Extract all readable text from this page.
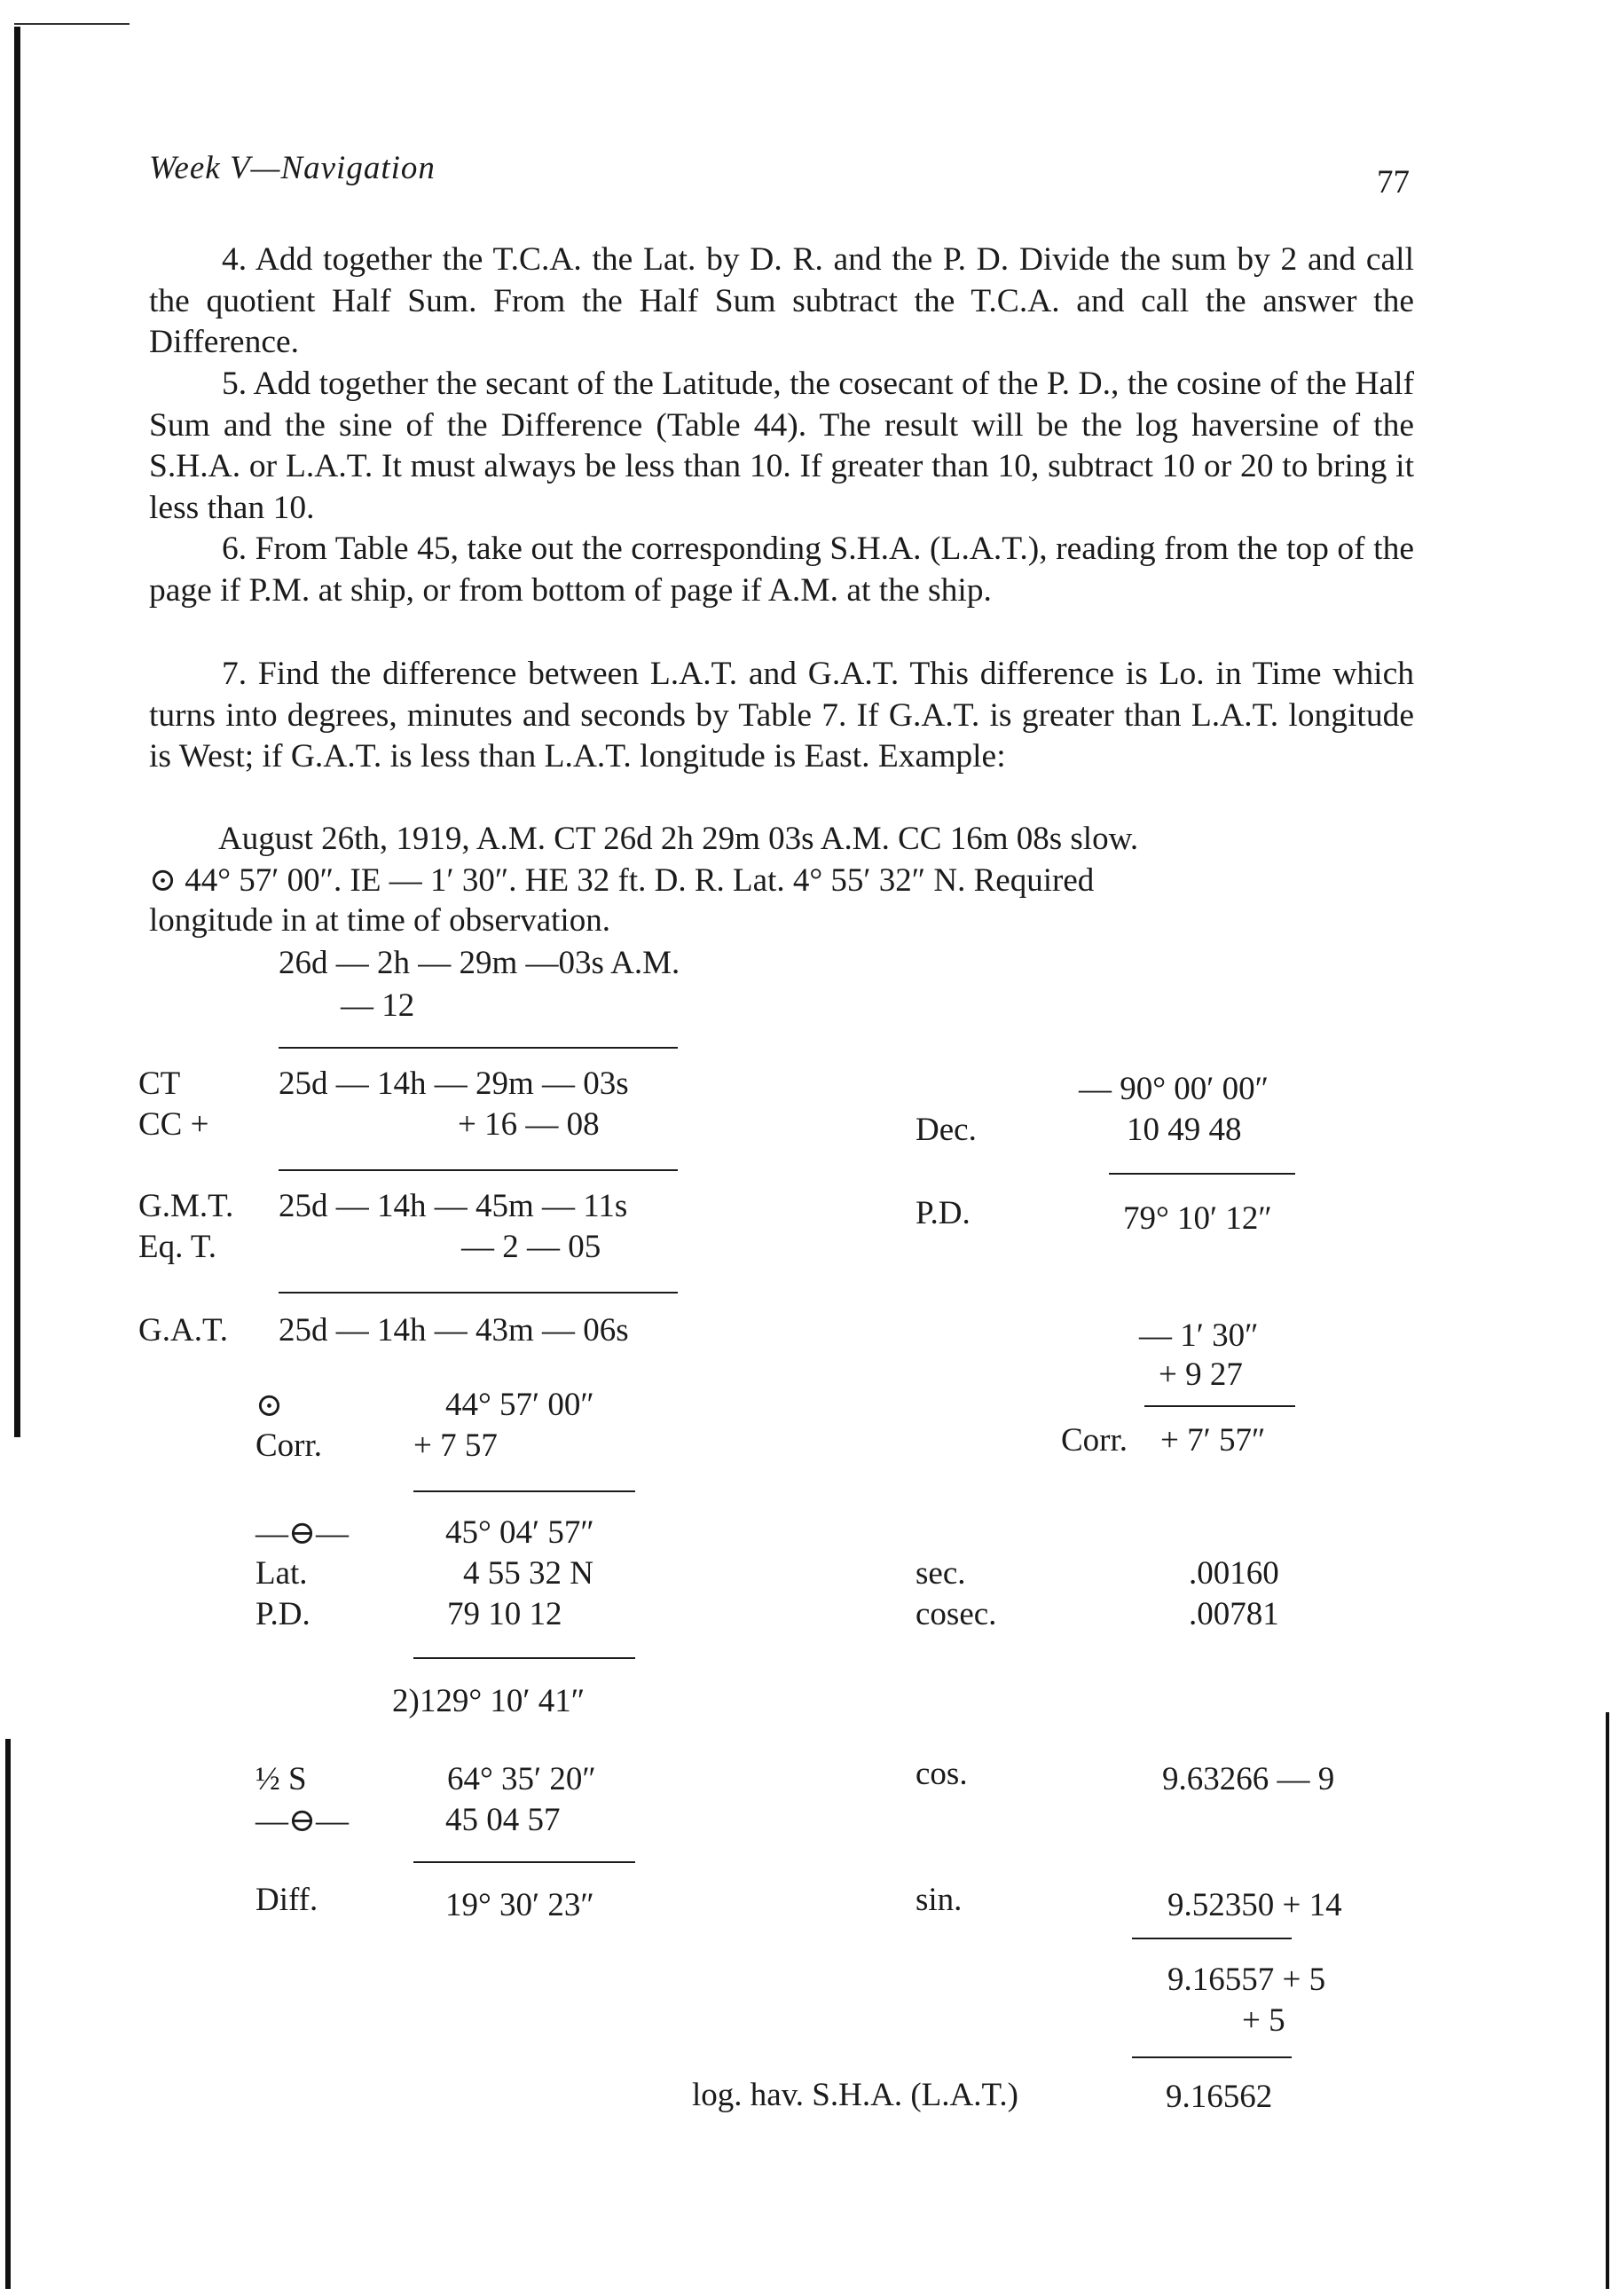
Week V—Navigation	77
4. Add together the T.C.A. the Lat. by D. R. and the P. D. Divide the sum by 2 and call the quotient Half Sum. From the Half Sum subtract the T.C.A. and call the answer the Difference.
5. Add together the secant of the Latitude, the cosecant of the P. D., the cosine of the Half Sum and the sine of the Difference (Table 44). The result will be the log haversine of the S.H.A. or L.A.T. It must always be less than 10. If greater than 10, subtract 10 or 20 to bring it less than 10.
6. From Table 45, take out the corresponding S.H.A. (L.A.T.), reading from the top of the page if P.M. at ship, or from bottom of page if A.M. at the ship.
7. Find the difference between L.A.T. and G.A.T. This difference is Lo. in Time which turns into degrees, minutes and seconds by Table 7. If G.A.T. is greater than L.A.T. longitude is West; if G.A.T. is less than L.A.T. longitude is East. Example:
August 26th, 1919, A.M. CT 26d 2h 29m 03s A.M. CC 16m 08s slow.
⊙ 44° 57′ 00″. IE — 1′ 30″. HE 32 ft. D. R. Lat. 4° 55′ 32″ N. Required
longitude in at time of observation.
26d — 2h — 29m —03s A.M.
— 12
CT	25d — 14h — 29m — 03s
CC +	+ 16 — 08
G.M.T. 25d — 14h — 45m — 11s
Eq. T.	— 2 — 05
G.A.T. 25d — 14h — 43m — 06s
— 90° 00′ 00″
Dec.	10 49 48
P.D.	79° 10′ 12″
— 1′ 30″
+ 9 27
Corr. + 7′ 57″
⊙	44° 57′ 00″
Corr.	+ 7 57
—⊖—	45° 04′ 57″
Lat.	4 55 32 N
P.D.	79 10 12
2)129° 10′ 41″
½ S	64° 35′ 20″
—⊖—	45 04 57
Diff.	19° 30′ 23″
sec.	.00160
cosec.	.00781
cos.	9.63266 — 9
sin.	9.52350 + 14
9.16557 + 5
+ 5
log. hav. S.H.A. (L.A.T.)	9.16562
